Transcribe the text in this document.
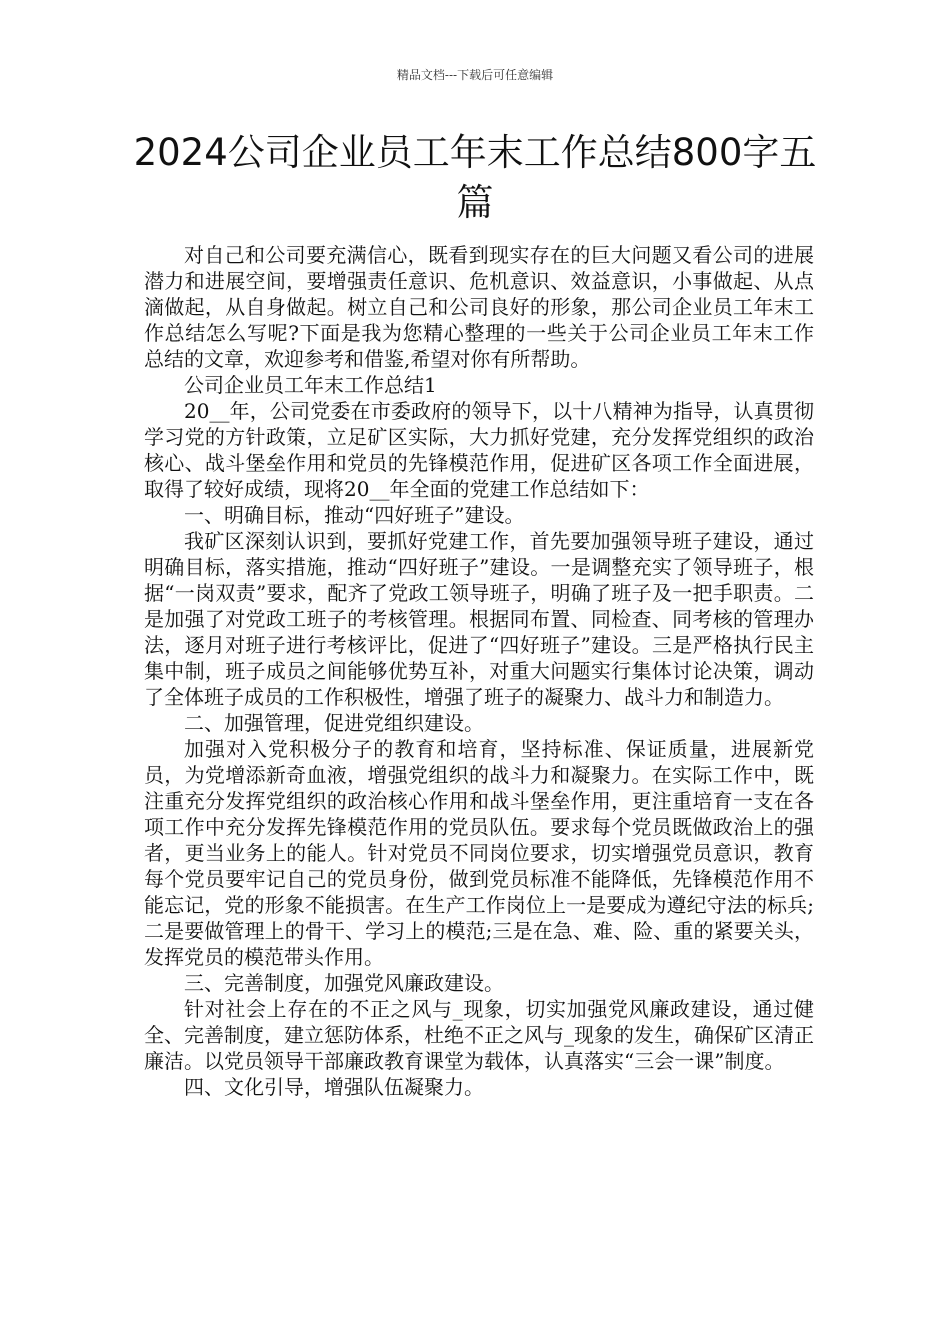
精品文档---下载后可任意编辑
2024公司企业员工年末工作总结800字五篇

对自己和公司要充满信心，既看到现实存在的巨大问题又看公司的进展潜力和进展空间，要增强责任意识、危机意识、效益意识，小事做起、从点滴做起，从自身做起。树立自己和公司良好的形象，那公司企业员工年末工作总结怎么写呢?下面是我为您精心整理的一些关于公司企业员工年末工作总结的文章，欢迎参考和借鉴,希望对你有所帮助。

公司企业员工年末工作总结1

20__年，公司党委在市委政府的领导下，以十八精神为指导，认真贯彻学习党的方针政策，立足矿区实际，大力抓好党建，充分发挥党组织的政治核心、战斗堡垒作用和党员的先锋模范作用，促进矿区各项工作全面进展，取得了较好成绩，现将20__年全面的党建工作总结如下：

一、明确目标，推动“四好班子”建设。

我矿区深刻认识到，要抓好党建工作，首先要加强领导班子建设，通过明确目标，落实措施，推动“四好班子”建设。一是调整充实了领导班子，根据“一岗双责”要求，配齐了党政工领导班子，明确了班子及一把手职责。二是加强了对党政工班子的考核管理。根据同布置、同检查、同考核的管理办法，逐月对班子进行考核评比，促进了“四好班子”建设。三是严格执行民主集中制，班子成员之间能够优势互补，对重大问题实行集体讨论决策，调动了全体班子成员的工作积极性，增强了班子的凝聚力、战斗力和制造力。

二、加强管理，促进党组织建设。

加强对入党积极分子的教育和培育，坚持标准、保证质量，进展新党员，为党增添新奇血液，增强党组织的战斗力和凝聚力。在实际工作中，既注重充分发挥党组织的政治核心作用和战斗堡垒作用，更注重培育一支在各项工作中充分发挥先锋模范作用的党员队伍。要求每个党员既做政治上的强者，更当业务上的能人。针对党员不同岗位要求，切实增强党员意识，教育每个党员要牢记自己的党员身份，做到党员标准不能降低，先锋模范作用不能忘记，党的形象不能损害。在生产工作岗位上一是要成为遵纪守法的标兵;二是要做管理上的骨干、学习上的模范;三是在急、难、险、重的紧要关头，发挥党员的模范带头作用。

三、完善制度，加强党风廉政建设。

针对社会上存在的不正之风与_现象，切实加强党风廉政建设，通过健全、完善制度，建立惩防体系，杜绝不正之风与_现象的发生，确保矿区清正廉洁。以党员领导干部廉政教育课堂为载体，认真落实“三会一课”制度。

四、文化引导，增强队伍凝聚力。
